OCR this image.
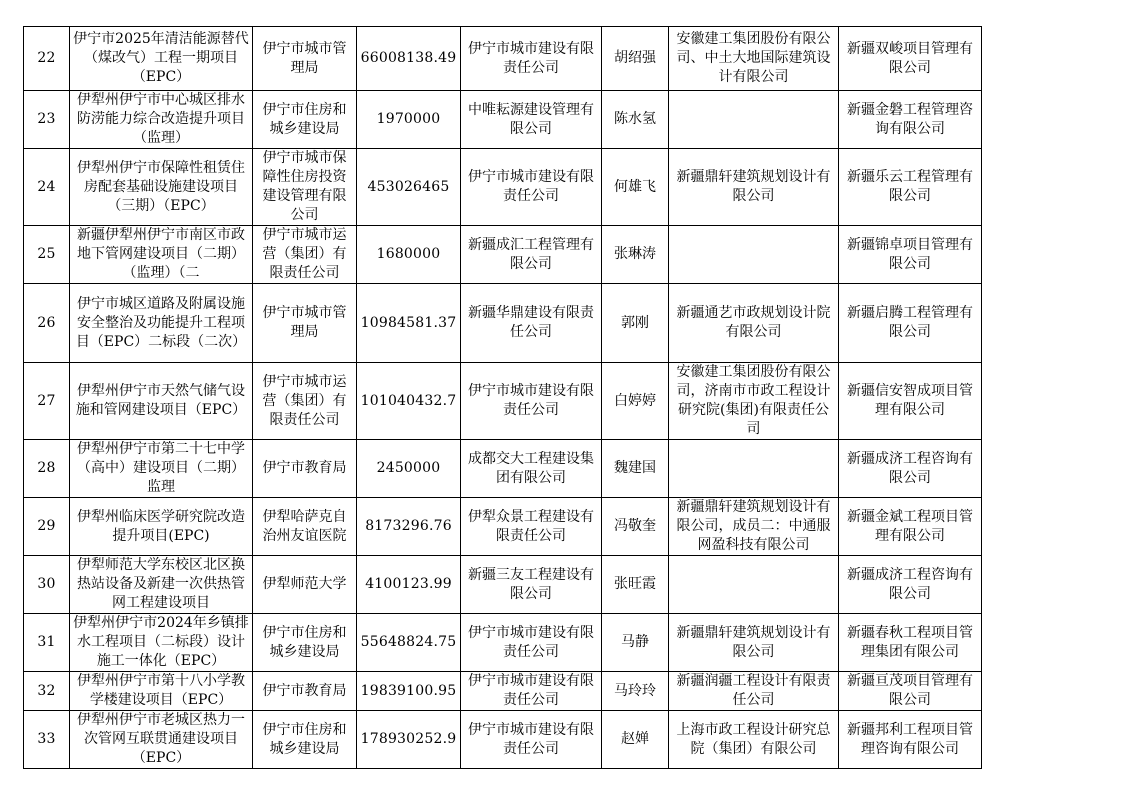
22	伊宁市2025年清洁能源替代（煤改气）工程一期项目（EPC）	伊宁市城市管理局	66008138.49	伊宁市城市建设有限责任公司	胡绍强	安徽建工集团股份有限公司、中土大地国际建筑设计有限公司	新疆双峻项目管理有限公司
23	伊犁州伊宁市中心城区排水防涝能力综合改造提升项目（监理）	伊宁市住房和城乡建设局	1970000	中唯耘源建设管理有限公司	陈水氢		新疆金磐工程管理咨询有限公司
24	伊犁州伊宁市保障性租赁住房配套基础设施建设项目（三期）（EPC）	伊宁市城市保障性住房投资建设管理有限公司	453026465	伊宁市城市建设有限责任公司	何雄飞	新疆鼎轩建筑规划设计有限公司	新疆乐云工程管理有限公司
25	新疆伊犁州伊宁市南区市政地下管网建设项目（二期）（监理）（二	伊宁市城市运营（集团）有限责任公司	1680000	新疆成汇工程管理有限公司	张琳涛		新疆锦卓项目管理有限公司
26	伊宁市城区道路及附属设施安全整治及功能提升工程项目（EPC）二标段（二次）	伊宁市城市管理局	10984581.37	新疆华鼎建设有限责任公司	郭刚	新疆通艺市政规划设计院有限公司	新疆启腾工程管理有限公司
27	伊犁州伊宁市天然气储气设施和管网建设项目（EPC）	伊宁市城市运营（集团）有限责任公司	101040432.7	伊宁市城市建设有限责任公司	白婷婷	安徽建工集团股份有限公司，济南市市政工程设计研究院(集团)有限责任公司	新疆信安智成项目管理有限公司
28	伊犁州伊宁市第二十七中学（高中）建设项目（二期）监理	伊宁市教育局	2450000	成都交大工程建设集团有限公司	魏建国		新疆成济工程咨询有限公司
29	伊犁州临床医学研究院改造提升项目(EPC)	伊犁哈萨克自治州友谊医院	8173296.76	伊犁众景工程建设有限责任公司	冯敬奎	新疆鼎轩建筑规划设计有限公司，成员二：中通服网盈科技有限公司	新疆金斌工程项目管理有限公司
30	伊犁师范大学东校区北区换热站设备及新建一次供热管网工程建设项目	伊犁师范大学	4100123.99	新疆三友工程建设有限公司	张旺霞		新疆成济工程咨询有限公司
31	伊犁州伊宁市2024年乡镇排水工程项目（二标段）设计施工一体化（EPC）	伊宁市住房和城乡建设局	55648824.75	伊宁市城市建设有限责任公司	马静	新疆鼎轩建筑规划设计有限公司	新疆春秋工程项目管理集团有限公司
32	伊犁州伊宁市第十八小学教学楼建设项目（EPC）	伊宁市教育局	19839100.95	伊宁市城市建设有限责任公司	马玲玲	新疆润疆工程设计有限责任公司	新疆亘茂项目管理有限公司
33	伊犁州伊宁市老城区热力一次管网互联贯通建设项目（EPC）	伊宁市住房和城乡建设局	178930252.9	伊宁市城市建设有限责任公司	赵婵	上海市政工程设计研究总院（集团）有限公司	新疆邦利工程项目管理咨询有限公司
